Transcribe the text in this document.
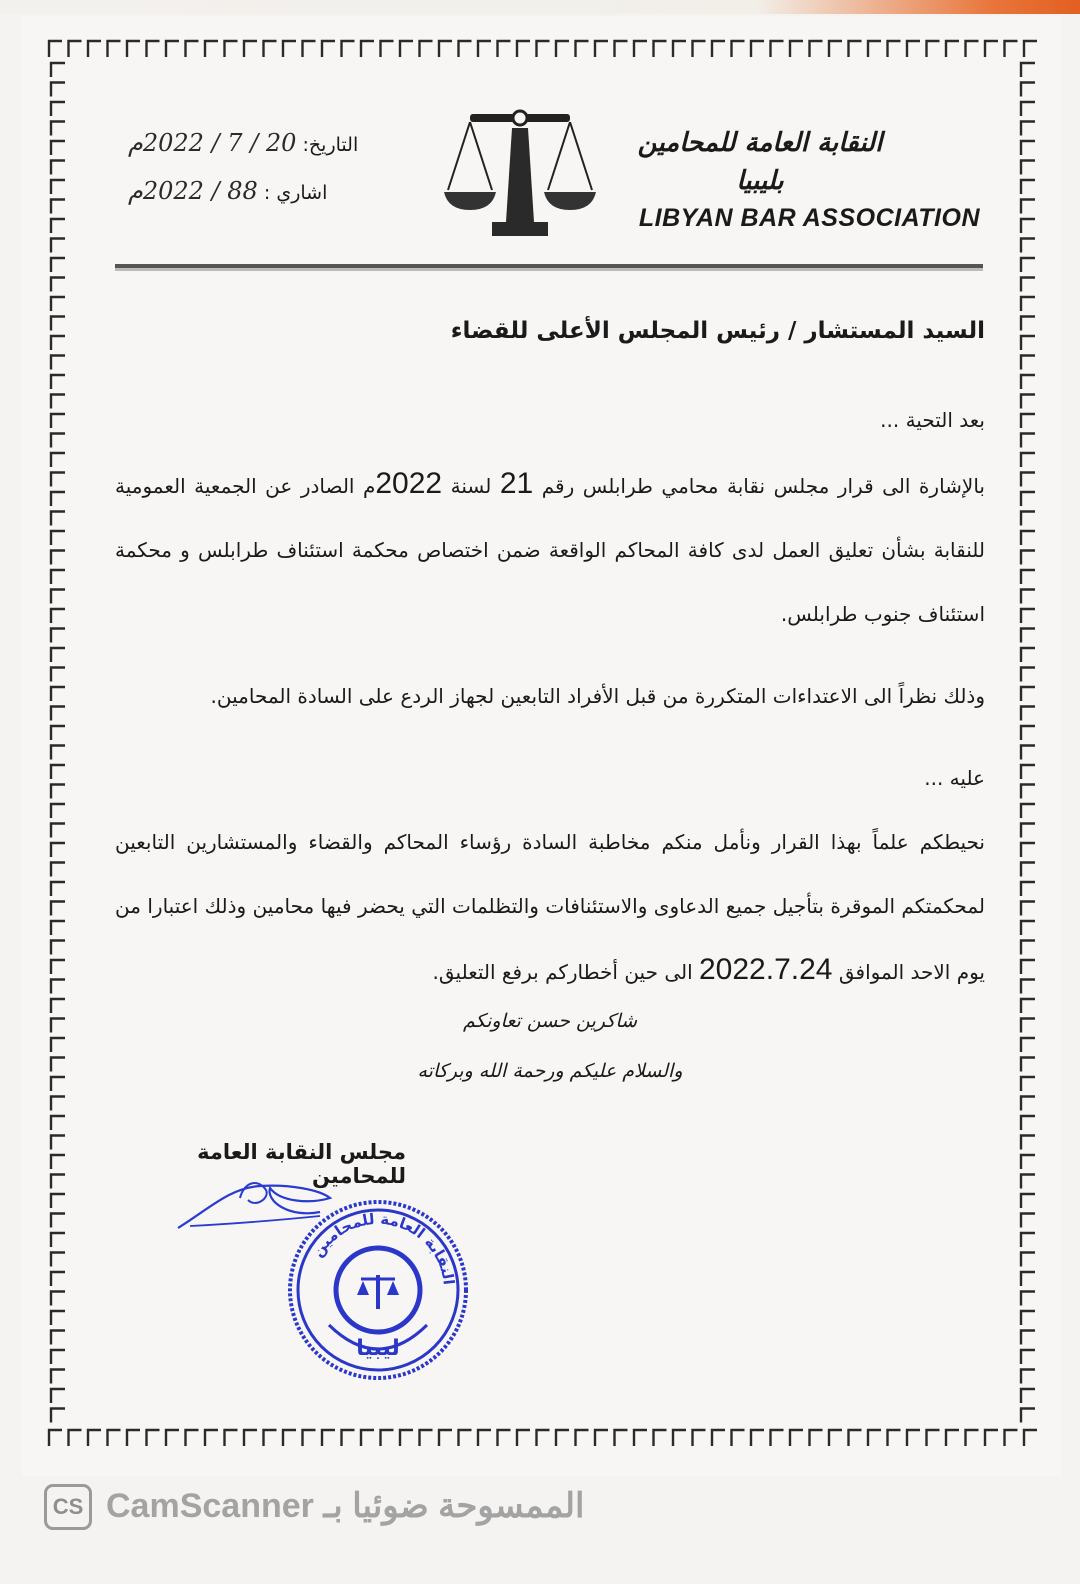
التاريخ: 20 / 7 / 2022م
اشاري : 88 / 2022م
النقابة العامة للمحامين
بليبيا
LIBYAN BAR ASSOCIATION

السيد المستشار / رئيس المجلس الأعلى للقضاء

بعد التحية ...

بالإشارة الى قرار مجلس نقابة محامي طرابلس رقم 21 لسنة 2022م الصادر عن الجمعية العمومية للنقابة بشأن تعليق العمل لدى كافة المحاكم الواقعة ضمن اختصاص محكمة استئناف طرابلس و محكمة استئناف جنوب طرابلس.

وذلك نظراً الى الاعتداءات المتكررة من قبل الأفراد التابعين لجهاز الردع على السادة المحامين.

عليه ...

نحيطكم علماً بهذا القرار ونأمل منكم مخاطبة السادة رؤساء المحاكم والقضاء والمستشارين التابعين لمحكمتكم الموقرة بتأجيل جميع الدعاوى والاستئنافات والتظلمات التي يحضر فيها محامين وذلك اعتبارا من يوم الاحد الموافق 2022.7.24 الى حين أخطاركم برفع التعليق.

شاكرين حسن تعاونكم
والسلام عليكم ورحمة الله وبركاته
مجلس النقابة العامة للمحامين
النقابة العامة للمحامين
ليبيا
CS CamScanner الممسوحة ضوئيا بـ
